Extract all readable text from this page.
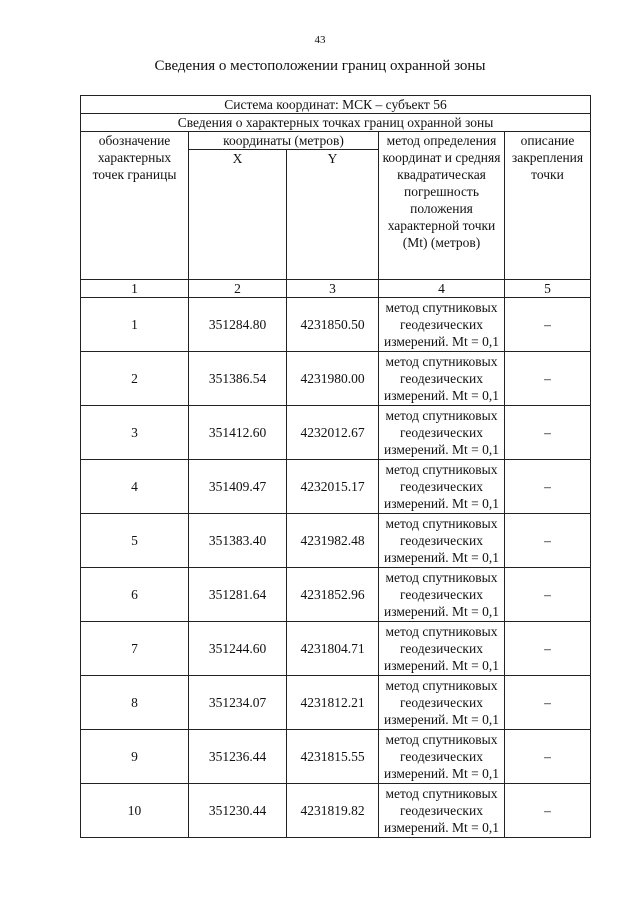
43
Сведения о местоположении границ охранной зоны
Система координат: МСК – субъект 56				
Сведения о характерных точках границ охранной зоны				
обозначение характерных точек границы	координаты (метров)		метод определения координат и средняя квадратическая погрешность положения характерной точки (Mt) (метров)	описание закрепления точки
	X	Y		
1	2	3	4	5
1	351284.80	4231850.50	метод спутниковых геодезических измерений. Mt = 0,1	–
2	351386.54	4231980.00	метод спутниковых геодезических измерений. Mt = 0,1	–
3	351412.60	4232012.67	метод спутниковых геодезических измерений. Mt = 0,1	–
4	351409.47	4232015.17	метод спутниковых геодезических измерений. Mt = 0,1	–
5	351383.40	4231982.48	метод спутниковых геодезических измерений. Mt = 0,1	–
6	351281.64	4231852.96	метод спутниковых геодезических измерений. Mt = 0,1	–
7	351244.60	4231804.71	метод спутниковых геодезических измерений. Mt = 0,1	–
8	351234.07	4231812.21	метод спутниковых геодезических измерений. Mt = 0,1	–
9	351236.44	4231815.55	метод спутниковых геодезических измерений. Mt = 0,1	–
10	351230.44	4231819.82	метод спутниковых геодезических измерений. Mt = 0,1	–
